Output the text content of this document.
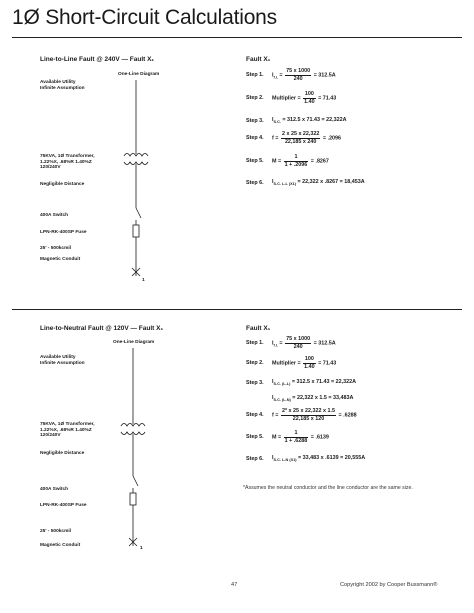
1Ø Short-Circuit Calculations
Line-to-Line Fault @ 240V — Fault X₁
One-Line Diagram
Available Utility Infinite Assumption
75KVA, 1Ø Transformer, 1.22%X, .68%R 1.40%Z 120/240V
Negligible Distance
400A Switch
LPN-RK-400SP Fuse
25' - 500kcmil
Magnetic Conduit
1
Fault X₁
Step 1.	$I_{f.l.} = \frac{75 x 1000}{240} = 312.5A$
Step 2.	Multiplier = $\frac{100}{1.40} = 71.43$
Step 3.	$I_{S.C.} = 312.5$ x 71.43 = 22,322A
Step 4.	$f = \frac{2 x 25 x 22,322}{22,185 x 240} = .2096$
Step 5.	$M = \frac{1}{1 + .2096} = .8267$
Step 6.	$I_{S.C. L-L (X1)} = 22,322$ x .8267 = 18,453A
Line-to-Neutral Fault @ 120V — Fault X₁
One-Line Diagram
Available Utility Infinite Assumption
75KVA, 1Ø Transformer, 1.22%X, .68%R 1.40%Z 120/240V
Negligible Distance
400A Switch
LPN-RK-400SP Fuse
25' - 500kcmil
Magnetic Conduit
1
Fault X₁
Step 1.	$I_{f.l.} = \frac{75 x 1000}{240} = 312.5A$
Step 2.	Multiplier = $\frac{100}{1.40} = 71.43$
Step 3.	$I_{S.C. (L-L)} = 312.5$ x 71.43 = 22,322A
$I_{S.C. (L-N)} = 22,322$ x 1.5 = 33,483A
Step 4.	$f = \frac{2* x 25 x 22,322 x 1.5}{22,185 x 120} = .6288$
Step 5.	$M = \frac{1}{1 + .6288} = .6139$
Step 6.	$I_{S.C. L-N (X1)} = 33,483$ x .6139 = 20,555A
*Assumes the neutral conductor and the line conductor are the same size.
47	Copyright 2002 by Cooper Bussmann®
